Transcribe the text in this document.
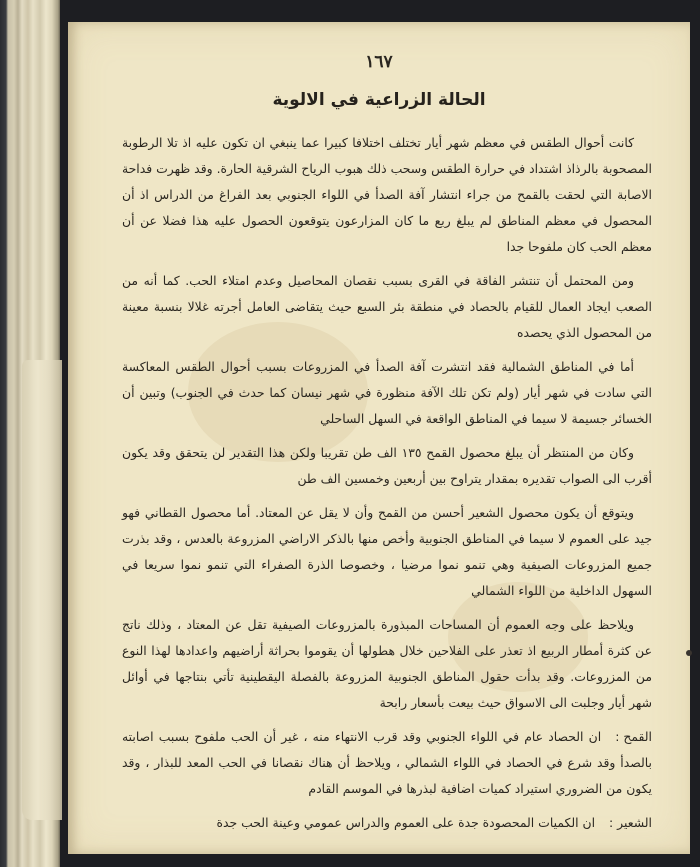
١٦٧
الحالة الزراعية في الالوية

كانت أحوال الطقس في معظم شهر أيار تختلف اختلافا كبيرا عما ينبغي ان تكون عليه اذ تلا الرطوبة المصحوبة بالرذاذ اشتداد في حرارة الطقس وسحب ذلك هبوب الرياح الشرقية الحارة. وقد ظهرت فداحة الاصابة التي لحقت بالقمح من جراء انتشار آفة الصدأ في اللواء الجنوبي بعد الفراغ من الدراس اذ أن المحصول في معظم المناطق لم يبلغ ربع ما كان المزارعون يتوقعون الحصول عليه هذا فضلا عن أن معظم الحب كان ملفوحا جدا

ومن المحتمل أن تنتشر الفاقة في القرى بسبب نقصان المحاصيل وعدم امتلاء الحب. كما أنه من الصعب ايجاد العمال للقيام بالحصاد في منطقة بئر السبع حيث يتقاضى العامل أجرته غلالا بنسبة معينة من المحصول الذي يحصده

أما في المناطق الشمالية فقد انتشرت آفة الصدأ في المزروعات بسبب أحوال الطقس المعاكسة التي سادت في شهر أيار (ولم تكن تلك الآفة منظورة في شهر نيسان كما حدث في الجنوب) وتبين أن الخسائر جسيمة لا سيما في المناطق الواقعة في السهل الساحلي

وكان من المنتظر أن يبلغ محصول القمح ١٣٥ الف طن تقريبا ولكن هذا التقدير لن يتحقق وقد يكون أقرب الى الصواب تقديره بمقدار يتراوح بين أربعين وخمسين الف طن

ويتوقع أن يكون محصول الشعير أحسن من القمح وأن لا يقل عن المعتاد. أما محصول القطاني فهو جيد على العموم لا سيما في المناطق الجنوبية وأخص منها بالذكر الاراضي المزروعة بالعدس ، وقد بذرت جميع المزروعات الصيفية وهي تنمو نموا مرضيا ، وخصوصا الذرة الصفراء التي تنمو نموا سريعا في السهول الداخلية من اللواء الشمالي

ويلاحظ على وجه العموم أن المساحات المبذورة بالمزروعات الصيفية تقل عن المعتاد ، وذلك ناتج عن كثرة أمطار الربيع اذ تعذر على الفلاحين خلال هطولها أن يقوموا بحراثة أراضيهم واعدادها لهذا النوع من المزروعات. وقد بدأت حقول المناطق الجنوبية المزروعة بالفصلة اليقطينية تأتي بنتاجها في أوائل شهر أيار وجلبت الى الاسواق حيث بيعت بأسعار رابحة

القمح :ان الحصاد عام في اللواء الجنوبي وقد قرب الانتهاء منه ، غير أن الحب ملفوح بسبب اصابته بالصدأ وقد شرع في الحصاد في اللواء الشمالي ، ويلاحظ أن هناك نقصانا في الحب المعد للبذار ، وقد يكون من الضروري استيراد كميات اضافية لبذرها في الموسم القادم

الشعير :ان الكميات المحصودة جدة على العموم والدراس عمومي وعينة الحب جدة
